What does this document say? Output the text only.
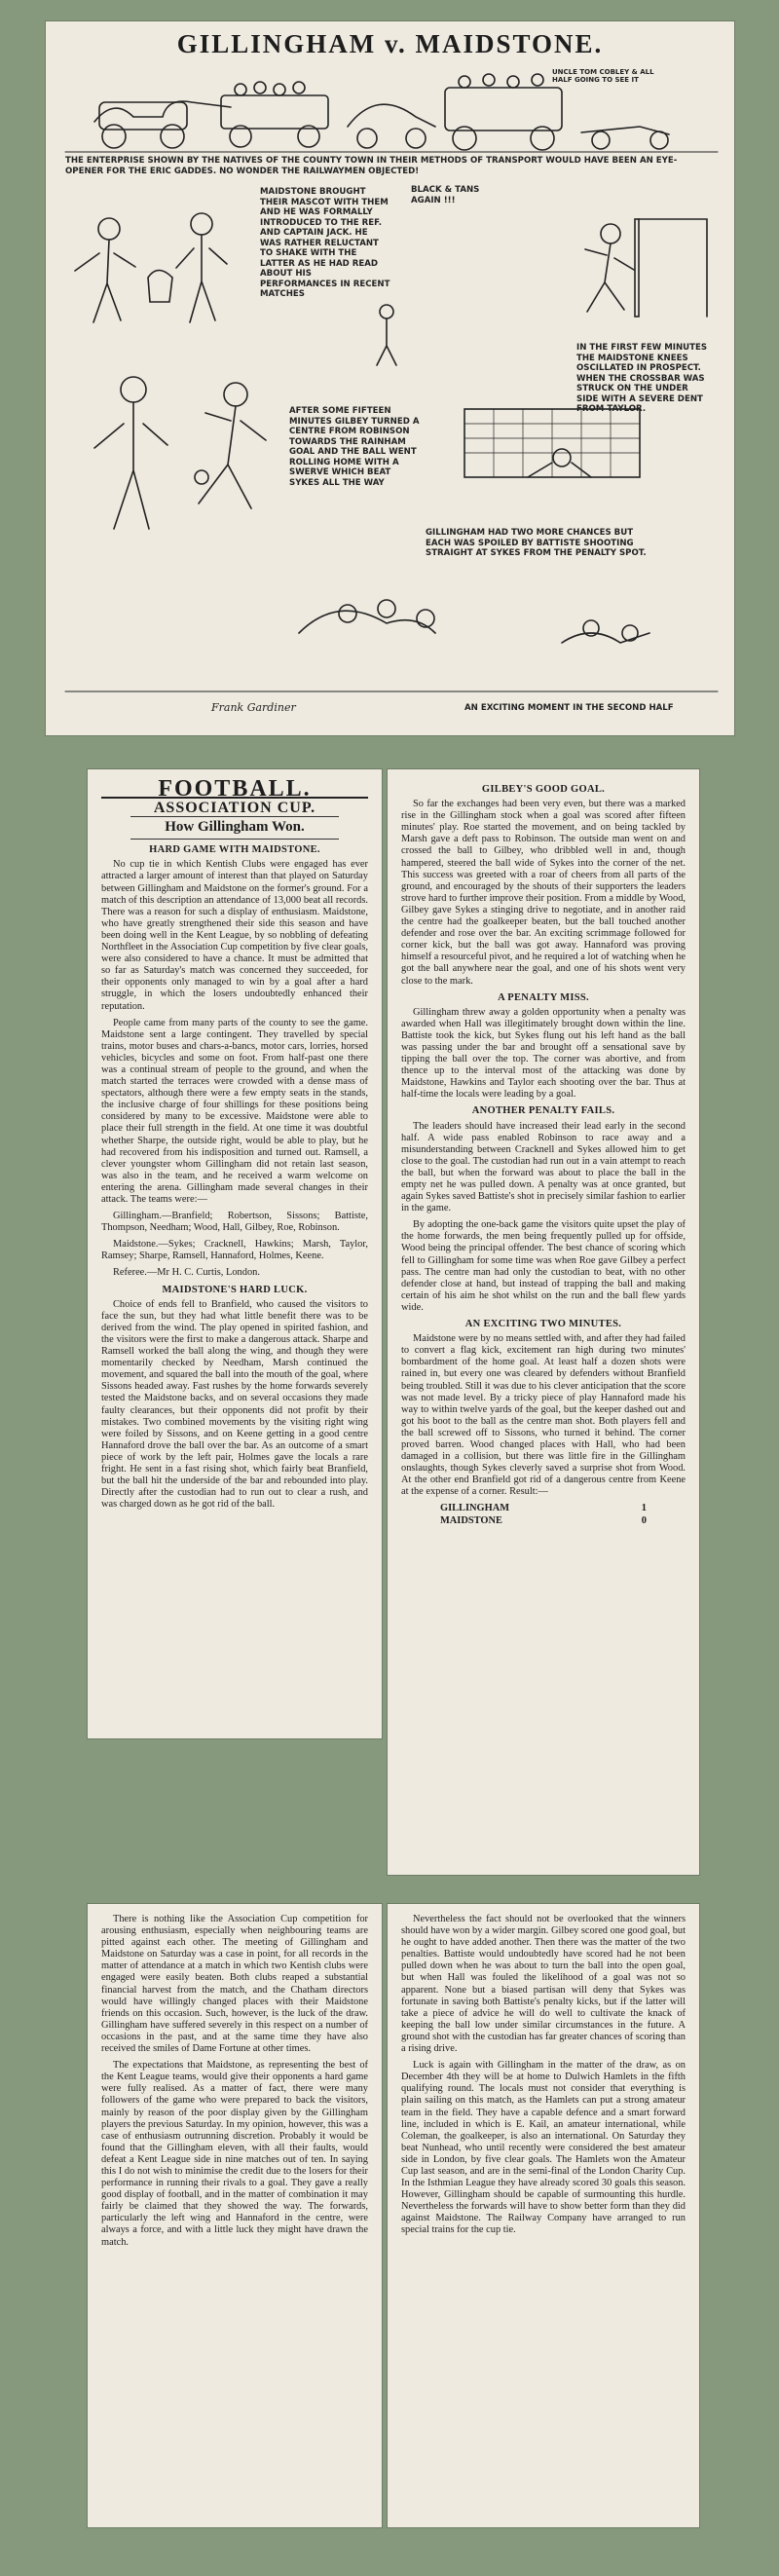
GILLINGHAM v. MAIDSTONE.
UNCLE TOM COBLEY & ALL HALF GOING TO SEE IT
THE ENTERPRISE SHOWN BY THE NATIVES OF THE COUNTY TOWN IN THEIR METHODS OF TRANSPORT WOULD HAVE BEEN AN EYE-OPENER FOR THE ERIC GADDES. NO WONDER THE RAILWAYMEN OBJECTED!
MAIDSTONE BROUGHT THEIR MASCOT WITH THEM AND HE WAS FORMALLY INTRODUCED TO THE REF. AND CAPTAIN JACK. HE WAS RATHER RELUCTANT TO SHAKE WITH THE LATTER AS HE HAD READ ABOUT HIS PERFORMANCES IN RECENT MATCHES
BLACK & TANS AGAIN !!!
IN THE FIRST FEW MINUTES THE MAIDSTONE KNEES OSCILLATED IN PROSPECT. WHEN THE CROSSBAR WAS STRUCK ON THE UNDER SIDE WITH A SEVERE DENT FROM TAYLOR.
AFTER SOME FIFTEEN MINUTES GILBEY TURNED A CENTRE FROM ROBINSON TOWARDS THE RAINHAM GOAL AND THE BALL WENT ROLLING HOME WITH A SWERVE WHICH BEAT SYKES ALL THE WAY
GILLINGHAM HAD TWO MORE CHANCES BUT EACH WAS SPOILED BY BATTISTE SHOOTING STRAIGHT AT SYKES FROM THE PENALTY SPOT.
AN EXCITING MOMENT IN THE SECOND HALF
Frank Gardiner
FOOTBALL.
ASSOCIATION CUP.
How Gillingham Won.
HARD GAME WITH MAIDSTONE.

No cup tie in which Kentish Clubs were engaged has ever attracted a larger amount of interest than that played on Saturday between Gillingham and Maidstone on the former's ground. For a match of this description an attendance of 13,000 beat all records. There was a reason for such a display of enthusiasm. Maidstone, who have greatly strengthened their side this season and have been doing well in the Kent League, by so nobbling of defeating Northfleet in the Association Cup competition by five clear goals, were also considered to have a chance. It must be admitted that so far as Saturday's match was concerned they succeeded, for their opponents only managed to win by a goal after a hard struggle, in which the losers undoubtedly enhanced their reputation.

People came from many parts of the county to see the game. Maidstone sent a large contingent. They travelled by special trains, motor buses and chars-a-bancs, motor cars, lorries, horsed vehicles, bicycles and some on foot. From half-past one there was a continual stream of people to the ground, and when the match started the terraces were crowded with a dense mass of spectators, although there were a few empty seats in the stands, the inclusive charge of four shillings for these positions being considered by many to be excessive. Maidstone were able to place their full strength in the field. At one time it was doubtful whether Sharpe, the outside right, would be able to play, but he had recovered from his indisposition and turned out. Ramsell, a clever youngster whom Gillingham did not retain last season, was also in the team, and he received a warm welcome on entering the arena. Gillingham made several changes in their attack. The teams were:—

Gillingham.—Branfield; Robertson, Sissons; Battiste, Thompson, Needham; Wood, Hall, Gilbey, Roe, Robinson.

Maidstone.—Sykes; Cracknell, Hawkins; Marsh, Taylor, Ramsey; Sharpe, Ramsell, Hannaford, Holmes, Keene.

Referee.—Mr H. C. Curtis, London.

MAIDSTONE'S HARD LUCK.

Choice of ends fell to Branfield, who caused the visitors to face the sun, but they had what little benefit there was to be derived from the wind. The play opened in spirited fashion, and the visitors were the first to make a dangerous attack. Sharpe and Ramsell worked the ball along the wing, and though they were momentarily checked by Needham, Marsh continued the movement, and squared the ball into the mouth of the goal, where Sissons headed away. Fast rushes by the home forwards severely tested the Maidstone backs, and on several occasions they made faulty clearances, but their opponents did not profit by their mistakes. Two combined movements by the visiting right wing were foiled by Sissons, and on Keene getting in a good centre Hannaford drove the ball over the bar. As an outcome of a smart piece of work by the left pair, Holmes gave the locals a rare fright. He sent in a fast rising shot, which fairly beat Branfield, but the ball hit the underside of the bar and rebounded into play. Directly after the custodian had to run out to clear a rush, and was charged down as he got rid of the ball.

GILBEY'S GOOD GOAL.

So far the exchanges had been very even, but there was a marked rise in the Gillingham stock when a goal was scored after fifteen minutes' play. Roe started the movement, and on being tackled by Marsh gave a deft pass to Robinson. The outside man went on and crossed the ball to Gilbey, who dribbled well in and, though hampered, steered the ball wide of Sykes into the corner of the net. This success was greeted with a roar of cheers from all parts of the ground, and encouraged by the shouts of their supporters the leaders strove hard to further improve their position. From a middle by Wood, Gilbey gave Sykes a stinging drive to negotiate, and in another raid the centre had the goalkeeper beaten, but the ball touched another defender and rose over the bar. An exciting scrimmage followed for corner kick, but the ball was got away. Hannaford was proving himself a resourceful pivot, and he required a lot of watching when he got the ball anywhere near the goal, and one of his shots went very close to the mark.

A PENALTY MISS.

Gillingham threw away a golden opportunity when a penalty was awarded when Hall was illegitimately brought down within the line. Battiste took the kick, but Sykes flung out his left hand as the ball was passing under the bar and brought off a sensational save by tipping the ball over the top. The corner was abortive, and from thence up to the interval most of the attacking was done by Maidstone, Hawkins and Taylor each shooting over the bar. Thus at half-time the locals were leading by a goal.

ANOTHER PENALTY FAILS.

The leaders should have increased their lead early in the second half. A wide pass enabled Robinson to race away and a misunderstanding between Cracknell and Sykes allowed him to get close to the goal. The custodian had run out in a vain attempt to reach the ball, but when the forward was about to place the ball in the empty net he was pulled down. A penalty was at once granted, but again Sykes saved Battiste's shot in precisely similar fashion to earlier in the game.

By adopting the one-back game the visitors quite upset the play of the home forwards, the men being frequently pulled up for offside, Wood being the principal offender. The best chance of scoring which fell to Gillingham for some time was when Roe gave Gilbey a perfect pass. The centre man had only the custodian to beat, with no other defender close at hand, but instead of trapping the ball and making certain of his aim he shot whilst on the run and the ball flew yards wide.

AN EXCITING TWO MINUTES.

Maidstone were by no means settled with, and after they had failed to convert a flag kick, excitement ran high during two minutes' bombardment of the home goal. At least half a dozen shots were rained in, but every one was cleared by defenders without Branfield being troubled. Still it was due to his clever anticipation that the score was not made level. By a tricky piece of play Hannaford made his way to within twelve yards of the goal, but the keeper dashed out and got his boot to the ball as the centre man shot. Both players fell and the ball screwed off to Sissons, who turned it behind. The corner proved barren. Wood changed places with Hall, who had been damaged in a collision, but there was little fire in the Gillingham onslaughts, though Sykes cleverly saved a surprise shot from Wood. At the other end Branfield got rid of a dangerous centre from Keene at the expense of a corner. Result:—

GILLINGHAM	1
MAIDSTONE	0

There is nothing like the Association Cup competition for arousing enthusiasm, especially when neighbouring teams are pitted against each other. The meeting of Gillingham and Maidstone on Saturday was a case in point, for all records in the matter of attendance at a match in which two Kentish clubs were engaged were easily beaten. Both clubs reaped a substantial financial harvest from the match, and the Chatham directors would have willingly changed places with their Maidstone friends on this occasion. Such, however, is the luck of the draw. Gillingham have suffered severely in this respect on a number of occasions in the past, and at the same time they have also received the smiles of Dame Fortune at other times.

The expectations that Maidstone, as representing the best of the Kent League teams, would give their opponents a hard game were fully realised. As a matter of fact, there were many followers of the game who were prepared to back the visitors, mainly by reason of the poor display given by the Gillingham players the previous Saturday. In my opinion, however, this was a case of enthusiasm outrunning discretion. Probably it would be found that the Gillingham eleven, with all their faults, would defeat a Kent League side in nine matches out of ten. In saying this I do not wish to minimise the credit due to the losers for their performance in running their rivals to a goal. They gave a really good display of football, and in the matter of combination it may fairly be claimed that they showed the way. The forwards, particularly the left wing and Hannaford in the centre, were always a force, and with a little luck they might have drawn the match.

Nevertheless the fact should not be overlooked that the winners should have won by a wider margin. Gilbey scored one good goal, but he ought to have added another. Then there was the matter of the two penalties. Battiste would undoubtedly have scored had he not been pulled down when he was about to turn the ball into the open goal, but when Hall was fouled the likelihood of a goal was not so apparent. None but a biased partisan will deny that Sykes was fortunate in saving both Battiste's penalty kicks, but if the latter will take a piece of advice he will do well to cultivate the knack of keeping the ball low under similar circumstances in the future. A ground shot with the custodian has far greater chances of scoring than a rising drive.

Luck is again with Gillingham in the matter of the draw, as on December 4th they will be at home to Dulwich Hamlets in the fifth qualifying round. The locals must not consider that everything is plain sailing on this match, as the Hamlets can put a strong amateur team in the field. They have a capable defence and a smart forward line, included in which is E. Kail, an amateur international, while Coleman, the goalkeeper, is also an international. On Saturday they beat Nunhead, who until recently were considered the best amateur side in London, by five clear goals. The Hamlets won the Amateur Cup last season, and are in the semi-final of the London Charity Cup. In the Isthmian League they have already scored 30 goals this season. However, Gillingham should be capable of surmounting this hurdle. Nevertheless the forwards will have to show better form than they did against Maidstone. The Railway Company have arranged to run special trains for the cup tie.
